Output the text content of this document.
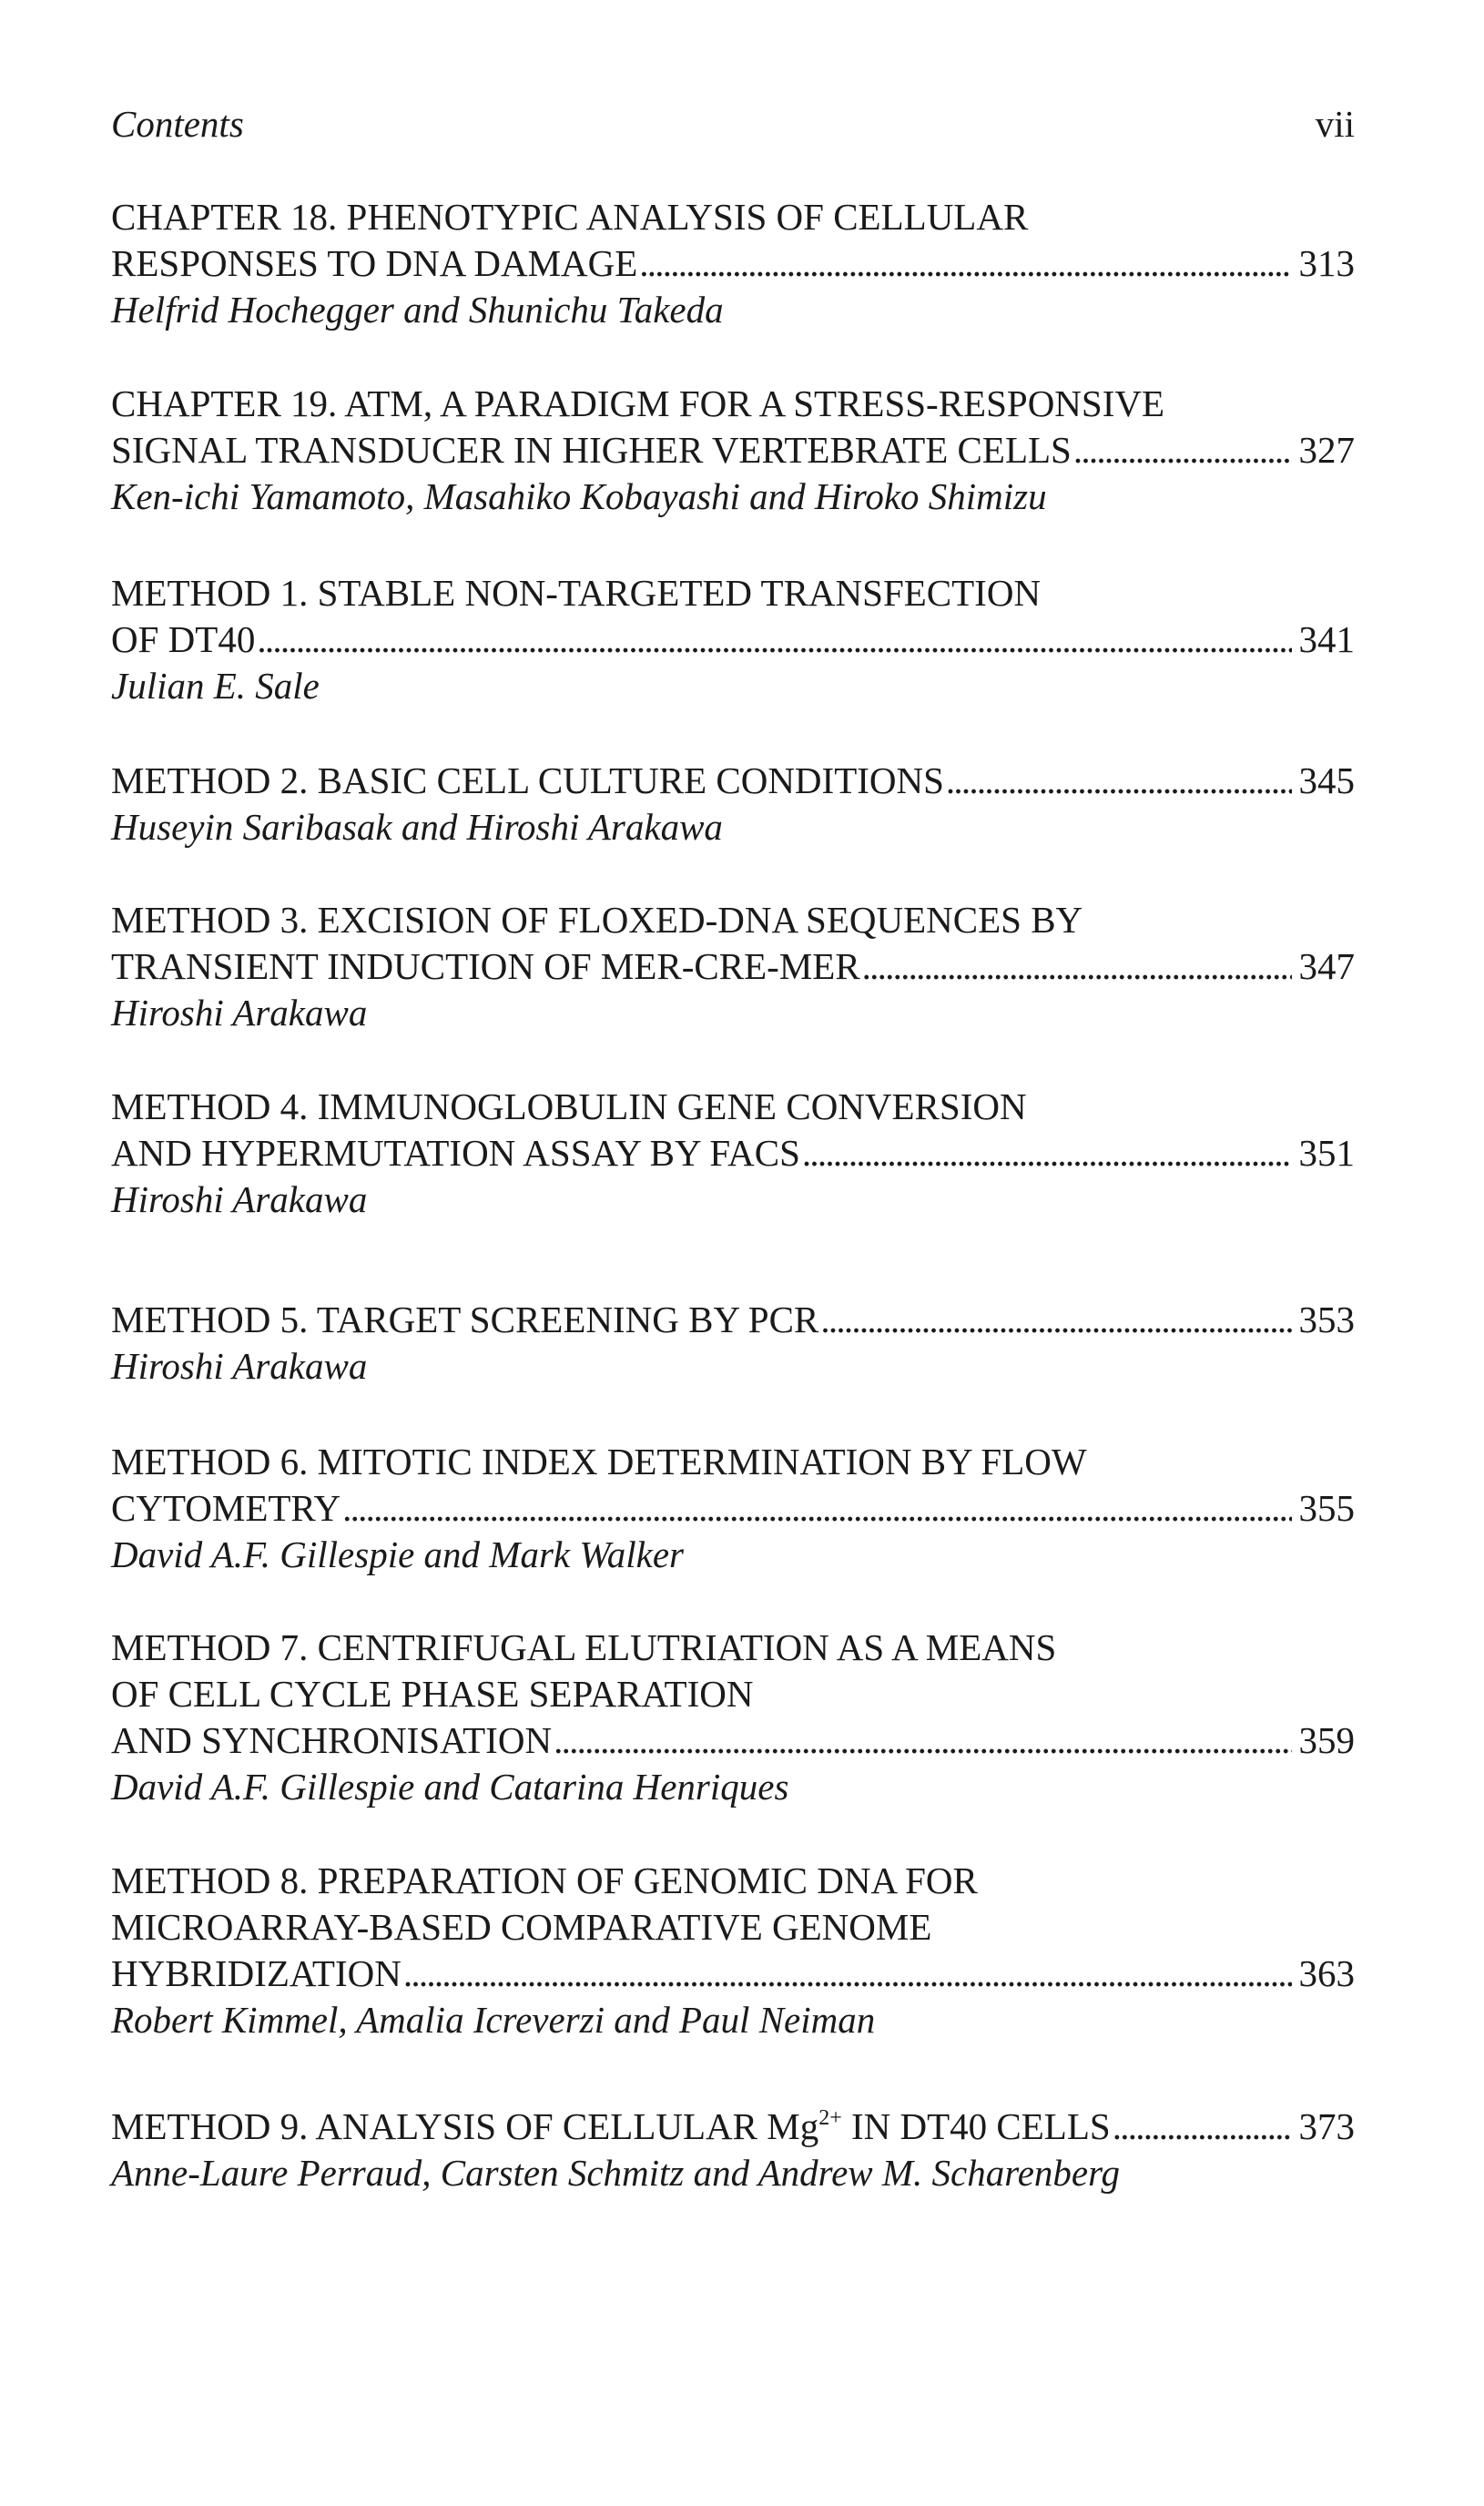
Contents	vii
CHAPTER 18. PHENOTYPIC ANALYSIS OF CELLULAR
RESPONSES TO DNA DAMAGE . . .	313
Helfrid Hochegger and Shunichu Takeda
CHAPTER 19. ATM, A PARADIGM FOR A STRESS-RESPONSIVE
SIGNAL TRANSDUCER IN HIGHER VERTEBRATE CELLS . . .	327
Ken-ichi Yamamoto, Masahiko Kobayashi and Hiroko Shimizu
METHOD 1. STABLE NON-TARGETED TRANSFECTION
OF DT40 . . .	341
Julian E. Sale
METHOD 2. BASIC CELL CULTURE CONDITIONS . . .	345
Huseyin Saribasak and Hiroshi Arakawa
METHOD 3. EXCISION OF FLOXED-DNA SEQUENCES BY
TRANSIENT INDUCTION OF MER-CRE-MER . . .	347
Hiroshi Arakawa
METHOD 4. IMMUNOGLOBULIN GENE CONVERSION
AND HYPERMUTATION ASSAY BY FACS . . .	351
Hiroshi Arakawa
METHOD 5. TARGET SCREENING BY PCR . . .	353
Hiroshi Arakawa
METHOD 6. MITOTIC INDEX DETERMINATION BY FLOW
CYTOMETRY . . .	355
David A.F. Gillespie and Mark Walker
METHOD 7. CENTRIFUGAL ELUTRIATION AS A MEANS
OF CELL CYCLE PHASE SEPARATION
AND SYNCHRONISATION . . .	359
David A.F. Gillespie and Catarina Henriques
METHOD 8. PREPARATION OF GENOMIC DNA FOR
MICROARRAY-BASED COMPARATIVE GENOME
HYBRIDIZATION . . .	363
Robert Kimmel, Amalia Icreverzi and Paul Neiman
METHOD 9. ANALYSIS OF CELLULAR $Mg^{2+}$ IN DT40 CELLS . . .	373
Anne-Laure Perraud, Carsten Schmitz and Andrew M. Scharenberg
